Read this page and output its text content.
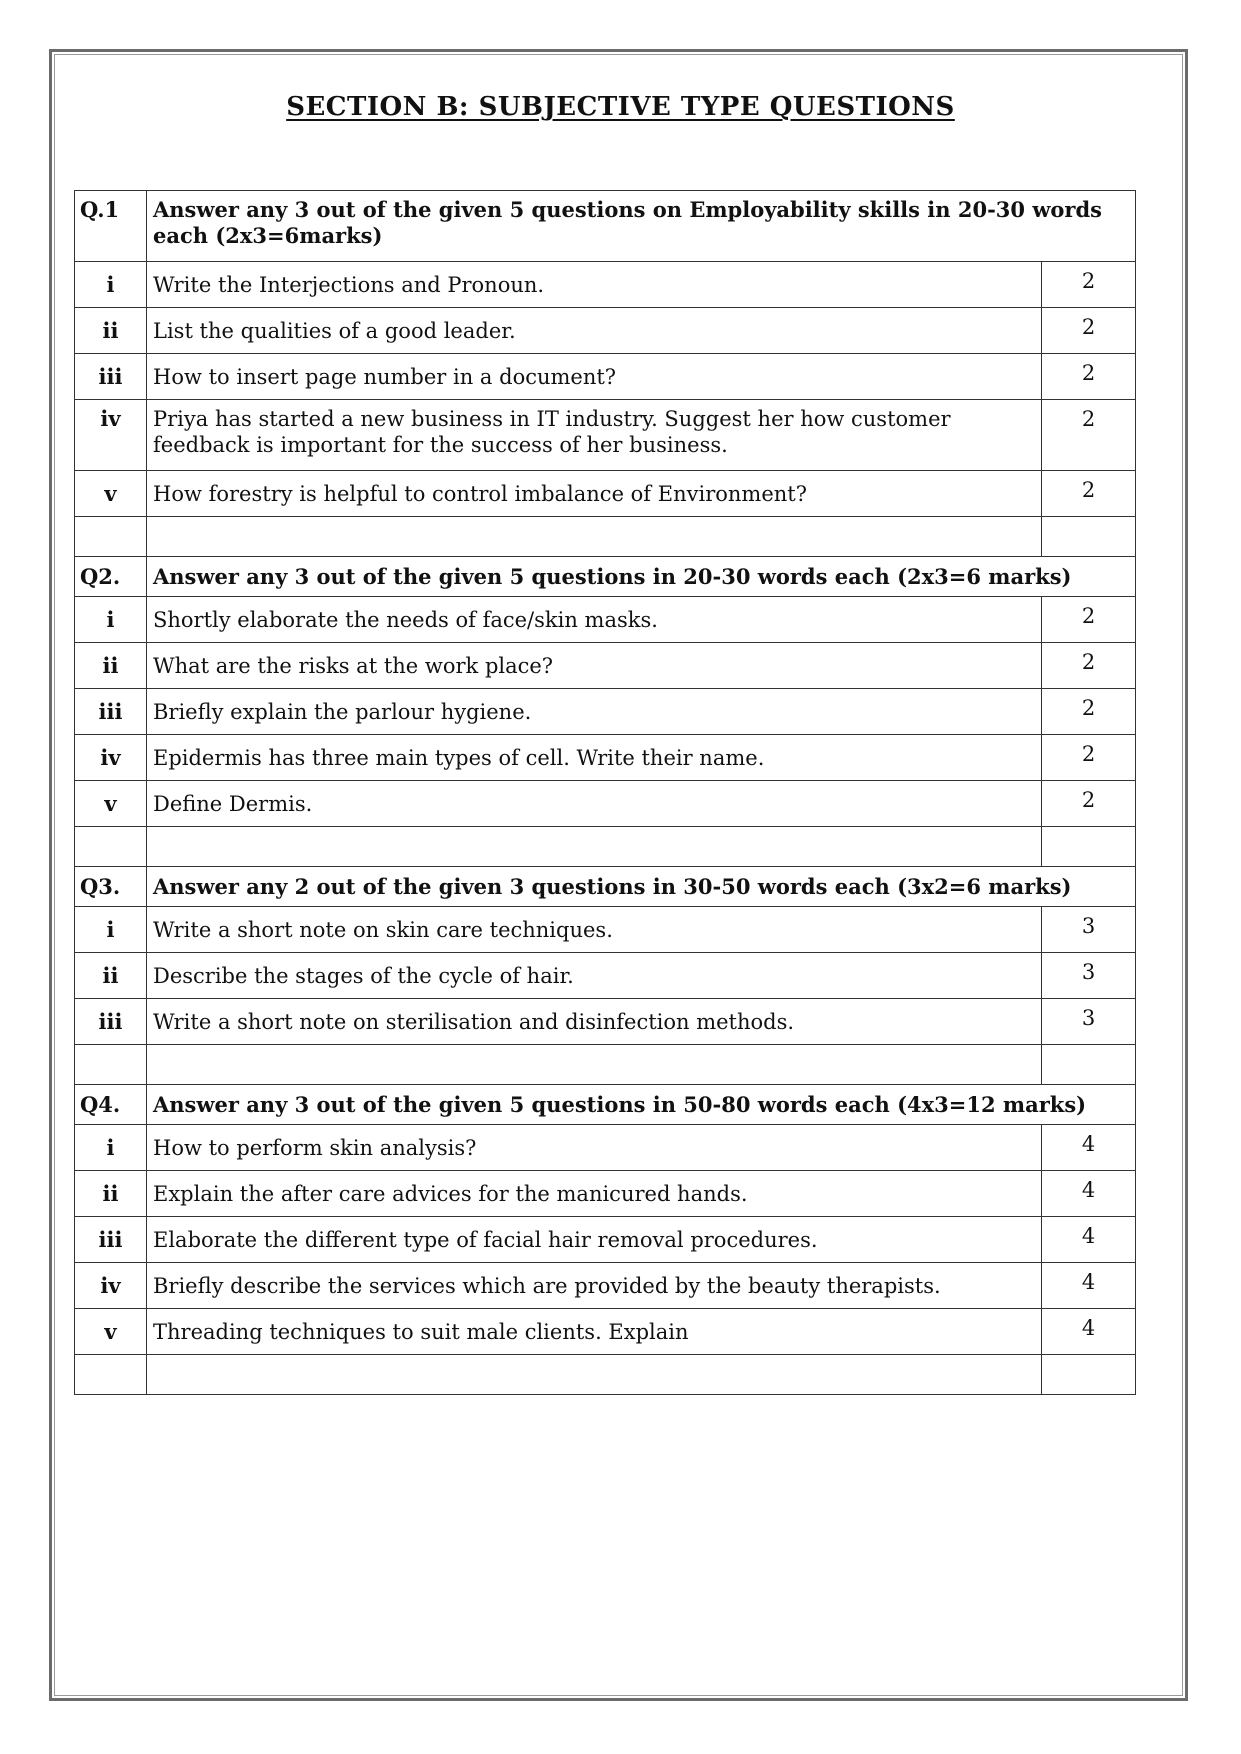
SECTION B: SUBJECTIVE TYPE QUESTIONS
Q.1	Answer any 3 out of the given 5 questions on Employability skills in 20-30 words each (2x3=6marks)	
i	Write the Interjections and Pronoun.	2
ii	List the qualities of a good leader.	2
iii	How to insert page number in a document?	2
iv	Priya has started a new business in IT industry. Suggest her how customer feedback is important for the success of her business.	2
v	How forestry is helpful to control imbalance of Environment?	2

Q2.	Answer any 3 out of the given 5 questions in 20-30 words each (2x3=6 marks)	
i	Shortly elaborate the needs of face/skin masks.	2
ii	What are the risks at the work place?	2
iii	Briefly explain the parlour hygiene.	2
iv	Epidermis has three main types of cell. Write their name.	2
v	Define Dermis.	2

Q3.	Answer any 2 out of the given 3 questions in 30-50 words each (3x2=6 marks)	
i	Write a short note on skin care techniques.	3
ii	Describe the stages of the cycle of hair.	3
iii	Write a short note on sterilisation and disinfection methods.	3

Q4.	Answer any 3 out of the given 5 questions in 50-80 words each (4x3=12 marks)	
i	How to perform skin analysis?	4
ii	Explain the after care advices for the manicured hands.	4
iii	Elaborate the different type of facial hair removal procedures.	4
iv	Briefly describe the services which are provided by the beauty therapists.	4
v	Threading techniques to suit male clients. Explain	4
